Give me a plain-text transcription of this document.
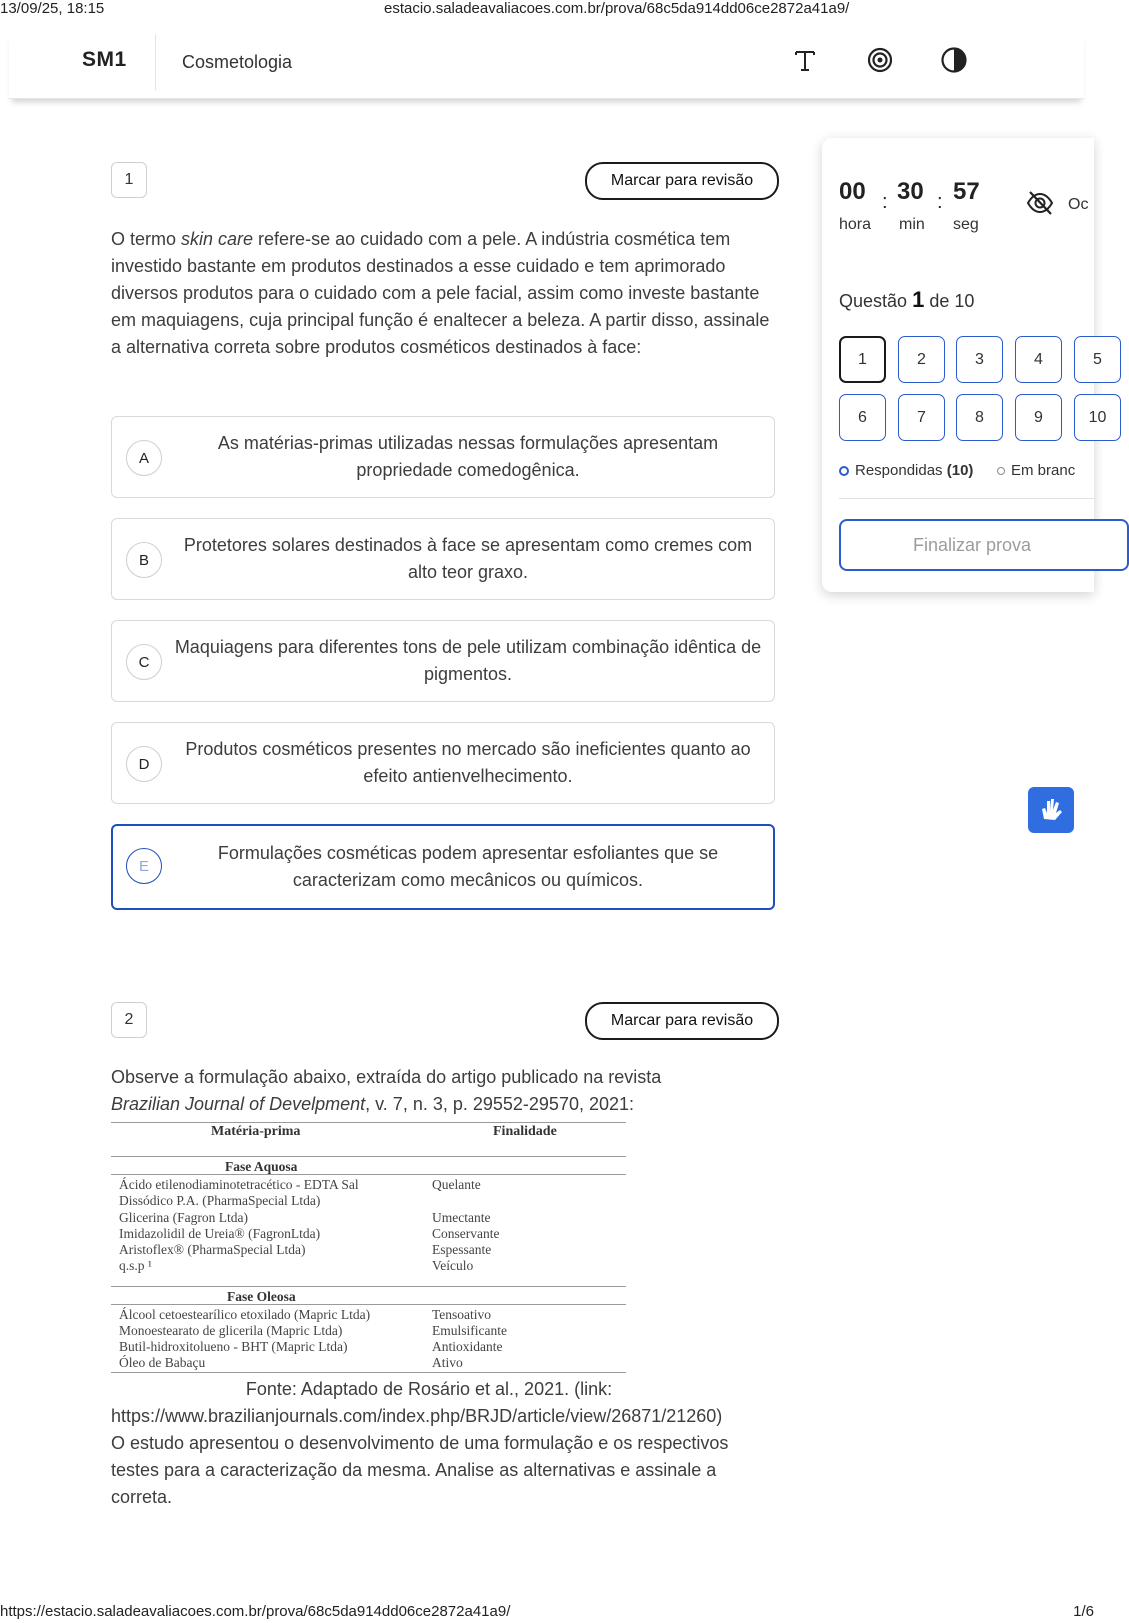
13/09/25, 18:15	estacio.saladeavaliacoes.com.br/prova/68c5da914dd06ce2872a41a9/
SM1	Cosmetologia
1	Marcar para revisão
O termo skin care refere-se ao cuidado com a pele. A indústria cosmética tem investido bastante em produtos destinados a esse cuidado e tem aprimorado diversos produtos para o cuidado com a pele facial, assim como investe bastante em maquiagens, cuja principal função é enaltecer a beleza. A partir disso, assinale a alternativa correta sobre produtos cosméticos destinados à face:
A
As matérias-primas utilizadas nessas formulações apresentam propriedade comedogênica.
B
Protetores solares destinados à face se apresentam como cremes com alto teor graxo.
C
Maquiagens para diferentes tons de pele utilizam combinação idêntica de pigmentos.
D
Produtos cosméticos presentes no mercado são ineficientes quanto ao efeito antienvelhecimento.
E
Formulações cosméticas podem apresentar esfoliantes que se caracterizam como mecânicos ou químicos.
2	Marcar para revisão
Observe a formulação abaixo, extraída do artigo publicado na revista
Brazilian Journal of Develpment, v. 7, n. 3, p. 29552-29570, 2021:
Matéria-prima	Finalidade
Fase Aquosa
Ácido etilenodiaminotetracético - EDTA Sal	Quelante
Dissódico P.A. (PharmaSpecial Ltda)
Glicerina (Fagron Ltda)	Umectante
Imidazolidil de Ureia® (FagronLtda)	Conservante
Aristoflex® (PharmaSpecial Ltda)	Espessante
q.s.p ¹	Veículo
Fase Oleosa
Álcool cetoestearílico etoxilado (Mapric Ltda)	Tensoativo
Monoestearato de glicerila (Mapric Ltda)	Emulsificante
Butil-hidroxitolueno - BHT (Mapric Ltda)	Antioxidante
Óleo de Babaçu	Ativo
Fonte: Adaptado de Rosário et al., 2021. (link:
https://www.brazilianjournals.com/index.php/BRJD/article/view/26871/21260)
O estudo apresentou o desenvolvimento de uma formulação e os respectivos testes para a caracterização da mesma. Analise as alternativas e assinale a correta.
00
hora
: 30
min
: 57
seg
Oc
Questão 1 de 10
1	2	3	4	5
6	7	8	9	10
Respondidas (10)	Em branc
Finalizar prova
https://estacio.saladeavaliacoes.com.br/prova/68c5da914dd06ce2872a41a9/	1/6
